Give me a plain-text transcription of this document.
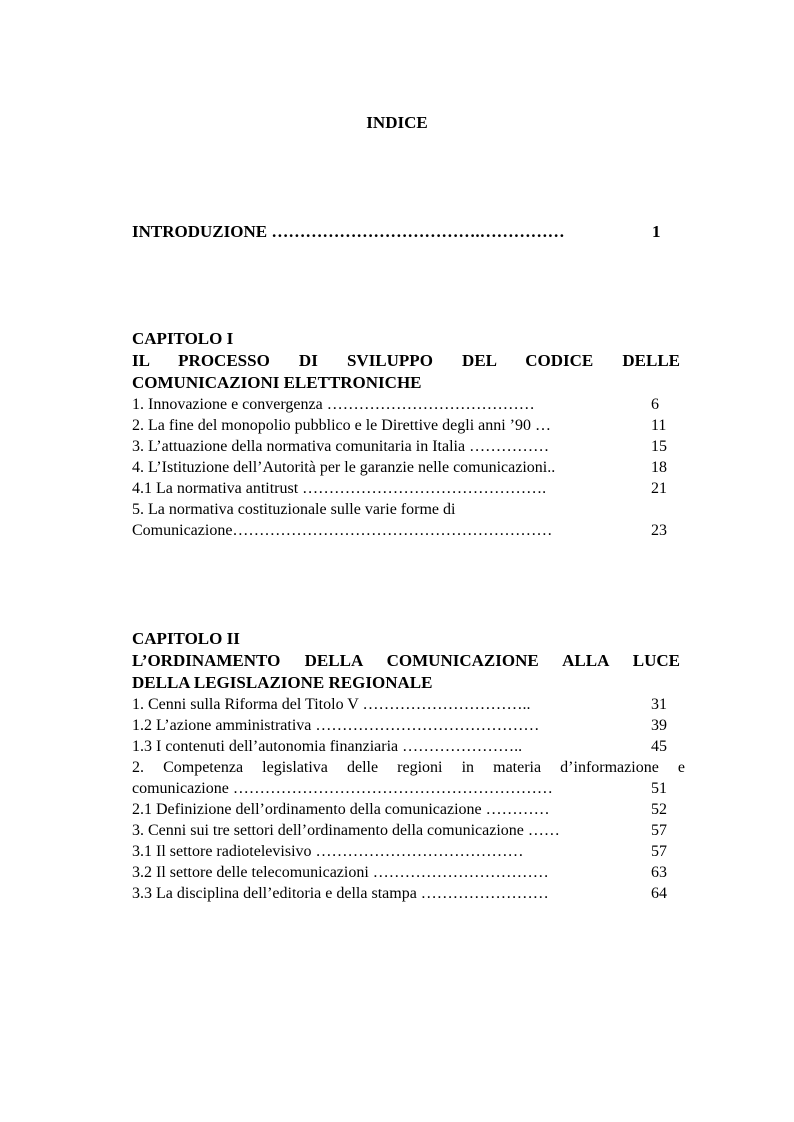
INDICE
INTRODUZIONE ……………………………….……………	1
CAPITOLO I
IL PROCESSO DI SVILUPPO DEL CODICE DELLE
COMUNICAZIONI ELETTRONICHE
1. Innovazione e convergenza …………………………………	6
2. La fine del monopolio pubblico e le Direttive degli anni ’90 …	11
3. L’attuazione della normativa comunitaria in Italia ……………	15
4. L’Istituzione dell’Autorità per le garanzie nelle comunicazioni..	18
4.1 La normativa antitrust ……………………………………….	21
5. La normativa costituzionale sulle varie forme di
Comunicazione……………………………………………………	23
CAPITOLO II
L’ORDINAMENTO DELLA COMUNICAZIONE ALLA LUCE
DELLA LEGISLAZIONE REGIONALE
1. Cenni sulla Riforma del Titolo V …………………………..	31
1.2 L’azione amministrativa ……………………………………	39
1.3 I contenuti dell’autonomia finanziaria …………………..	45
2. Competenza legislativa delle regioni in materia d’informazione e
comunicazione ……………………………………………………	51
2.1 Definizione dell’ordinamento della comunicazione …………	52
3. Cenni sui tre settori dell’ordinamento della comunicazione ……	57
3.1 Il settore radiotelevisivo …………………………………	57
3.2 Il settore delle telecomunicazioni ……………………………	63
3.3 La disciplina dell’editoria e della stampa ……………………	64
